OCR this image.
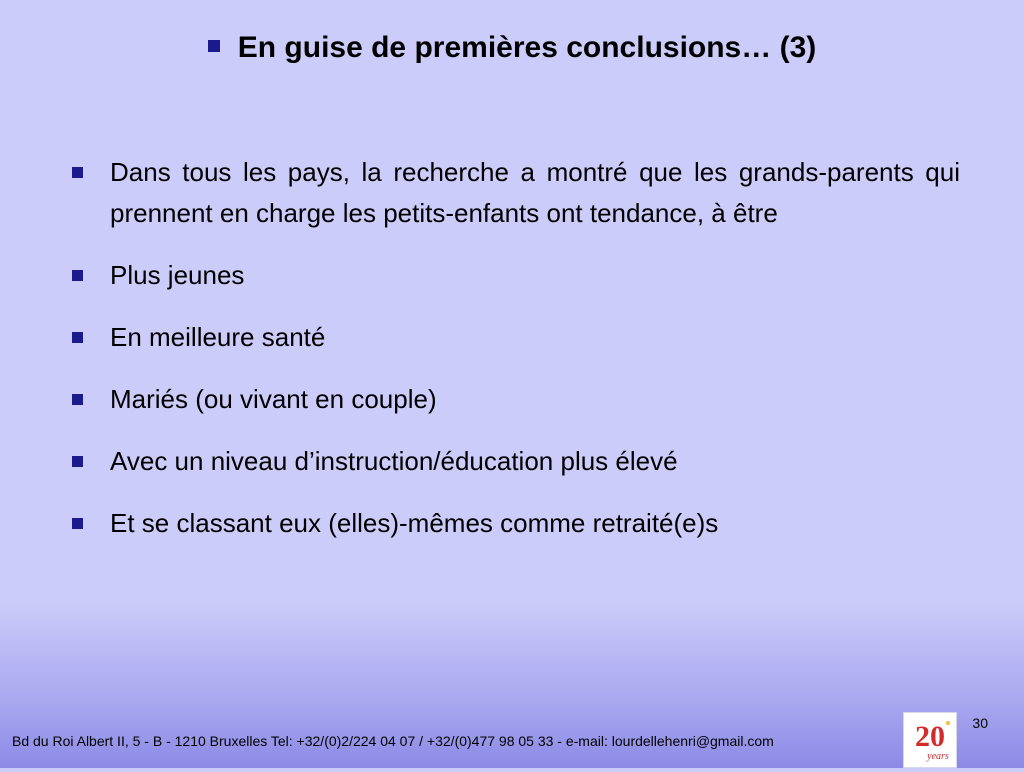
En guise de premières conclusions… (3)
Dans tous les pays, la recherche a montré que les grands-parents qui prennent en charge les petits-enfants ont tendance, à être
Plus jeunes
En meilleure santé
Mariés (ou vivant en couple)
Avec un niveau d’instruction/éducation plus élevé
Et se classant eux (elles)-mêmes comme retraité(e)s
Bd du Roi Albert II, 5 - B - 1210 Bruxelles Tel: +32/(0)2/224 04 07 / +32/(0)477 98 05 33 - e-mail: lourdellehenri@gmail.com	20
years
30
